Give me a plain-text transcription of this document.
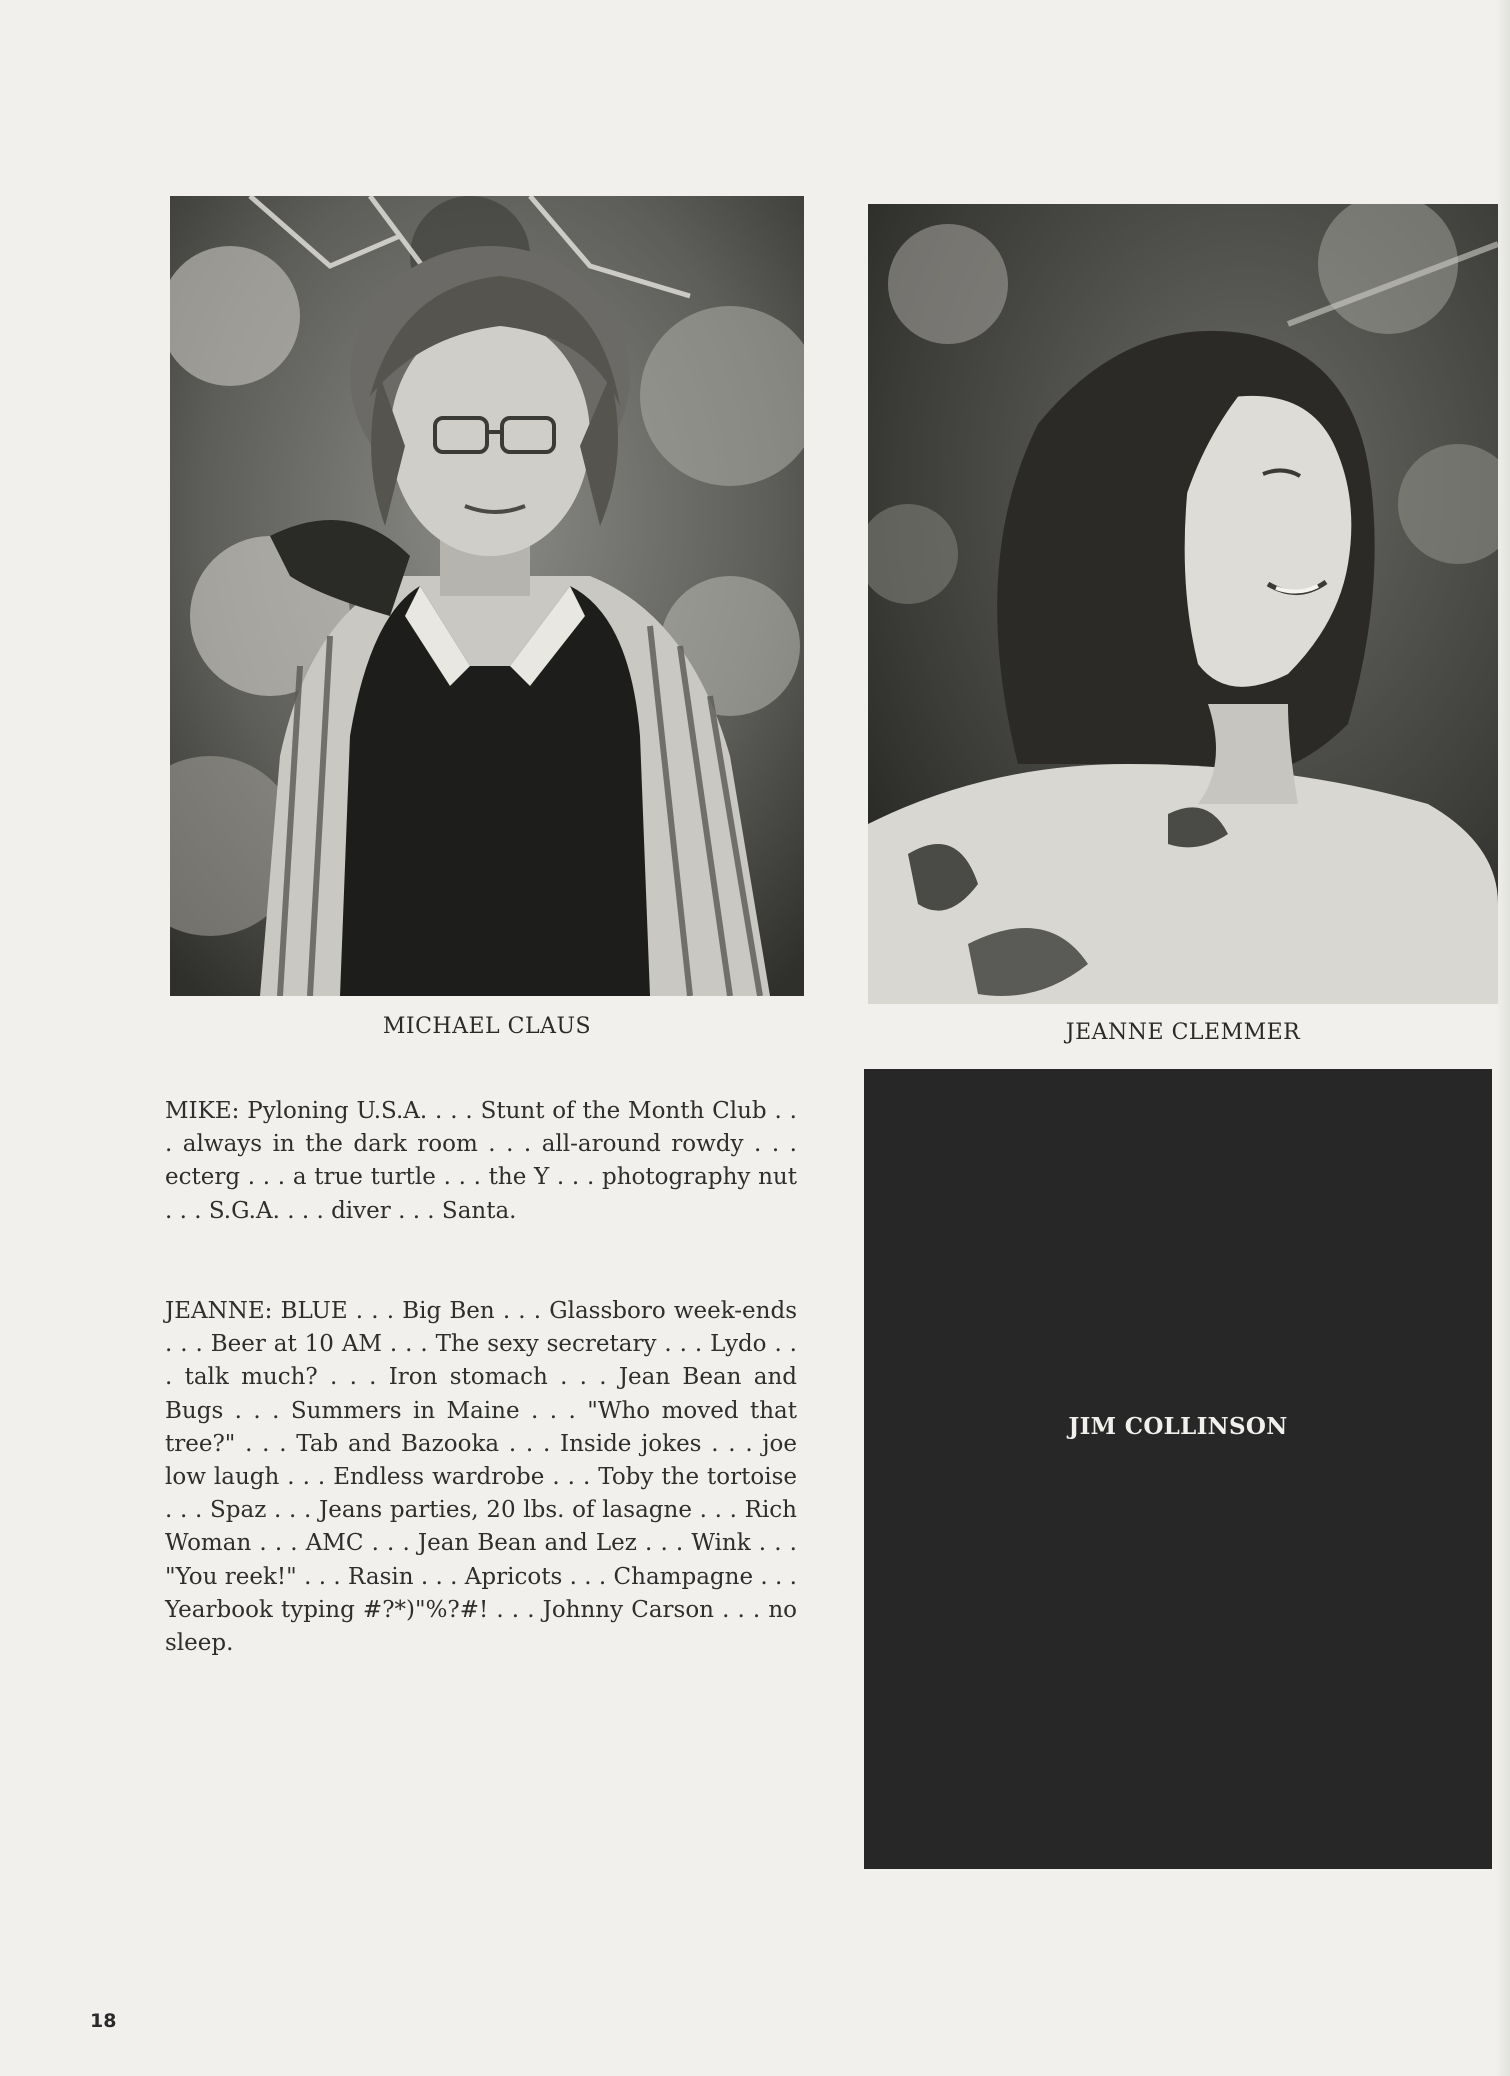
MICHAEL CLAUS	JEANNE CLEMMER
MIKE: Pyloning U.S.A. . . . Stunt of the Month Club . . . always in the dark room . . . all-around rowdy . . . ecterg . . . a true turtle . . . the Y . . . photography nut . . . S.G.A. . . . diver . . . Santa.
JEANNE: BLUE . . . Big Ben . . . Glassboro week-ends . . . Beer at 10 AM . . . The sexy secretary . . . Lydo . . . talk much? . . . Iron stomach . . . Jean Bean and Bugs . . . Summers in Maine . . . "Who moved that tree?" . . . Tab and Bazooka . . . Inside jokes . . . joe low laugh . . . Endless wardrobe . . . Toby the tortoise . . . Spaz . . . Jeans parties, 20 lbs. of lasagne . . . Rich Woman . . . AMC . . . Jean Bean and Lez . . . Wink . . . "You reek!" . . . Rasin . . . Apricots . . . Champagne . . . Yearbook typing #?*)"%?#! . . . Johnny Carson . . . no sleep.
JIM COLLINSON
18
